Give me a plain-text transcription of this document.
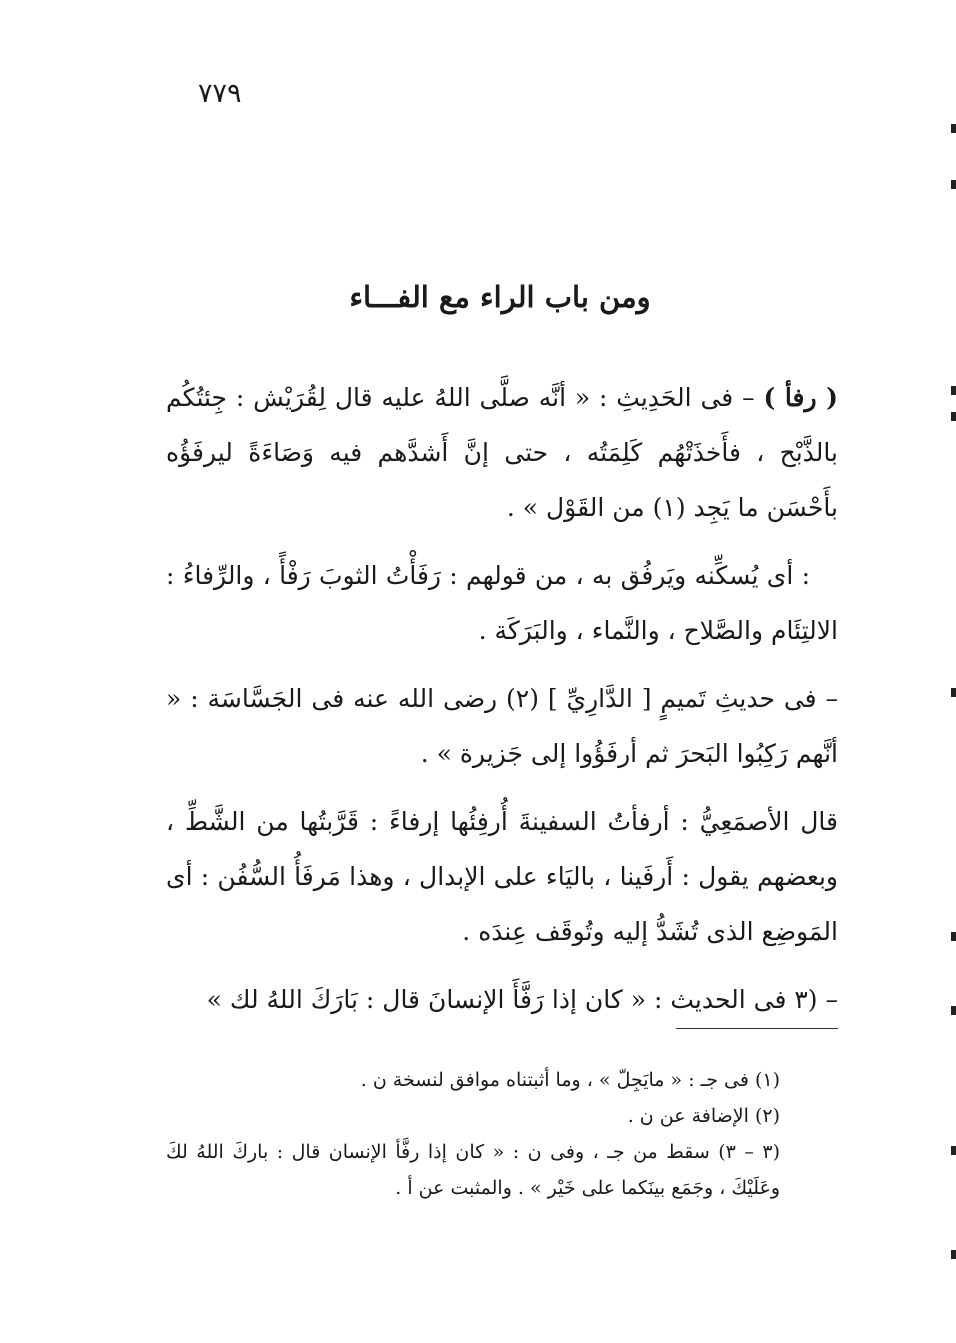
٧٧٩
ومن باب الراء مع الفـــاء

( رفأ ) – فى الحَدِيثِ : « أنَّه صلَّى اللهُ عليه قال لِقُرَيْش : جِئتُكُم بالذَّبْح ، فأَخذَتْهُم كَلِمَتُه ، حتى إنَّ أَشدَّهم فيه وَصَاءَةً ليرفَؤُه بأَحْسَن ما يَجِد (١) من القَوْل » .

: أى يُسكِّنه ويَرفُق به ، من قولهم : رَفَأْتُ الثوبَ رَفْأً ، والرِّفاءُ : الالتِئَام والصَّلاح ، والنَّماء ، والبَرَكَة .

– فى حديثِ تَميمٍ [ الدَّارِيِّ ] (٢) رضى الله عنه فى الجَسَّاسَة : « أنَّهم رَكِبُوا البَحرَ ثم أرفَؤُوا إلى جَزيرة » .

قال الأصمَعِيُّ : أرفأتُ السفينةَ أُرفِئُها إرفاءً : قَرَّبتُها من الشَّطِّ ، وبعضهم يقول : أَرفَينا ، باليَاء على الإبدال ، وهذا مَرفَأُ السُّفُن : أى المَوضِع الذى تُشَدُّ إليه وتُوقَف عِندَه .

– (٣ فى الحديث : « كان إذا رَفَّأَ الإنسانَ قال : بَارَكَ اللهُ لك »

(١) فى جـ : « مايَجِلّ » ، وما أثبتناه موافق لنسخة ن .

(٢) الإضافة عن ن .

(٣ – ٣) سقط من جـ ، وفى ن : « كان إذا رفَّأ الإنسان قال : باركَ اللهُ لكَ وعَلَيْكَ ، وجَمَع بينَكما على خَيْر » . والمثبت عن أ .
